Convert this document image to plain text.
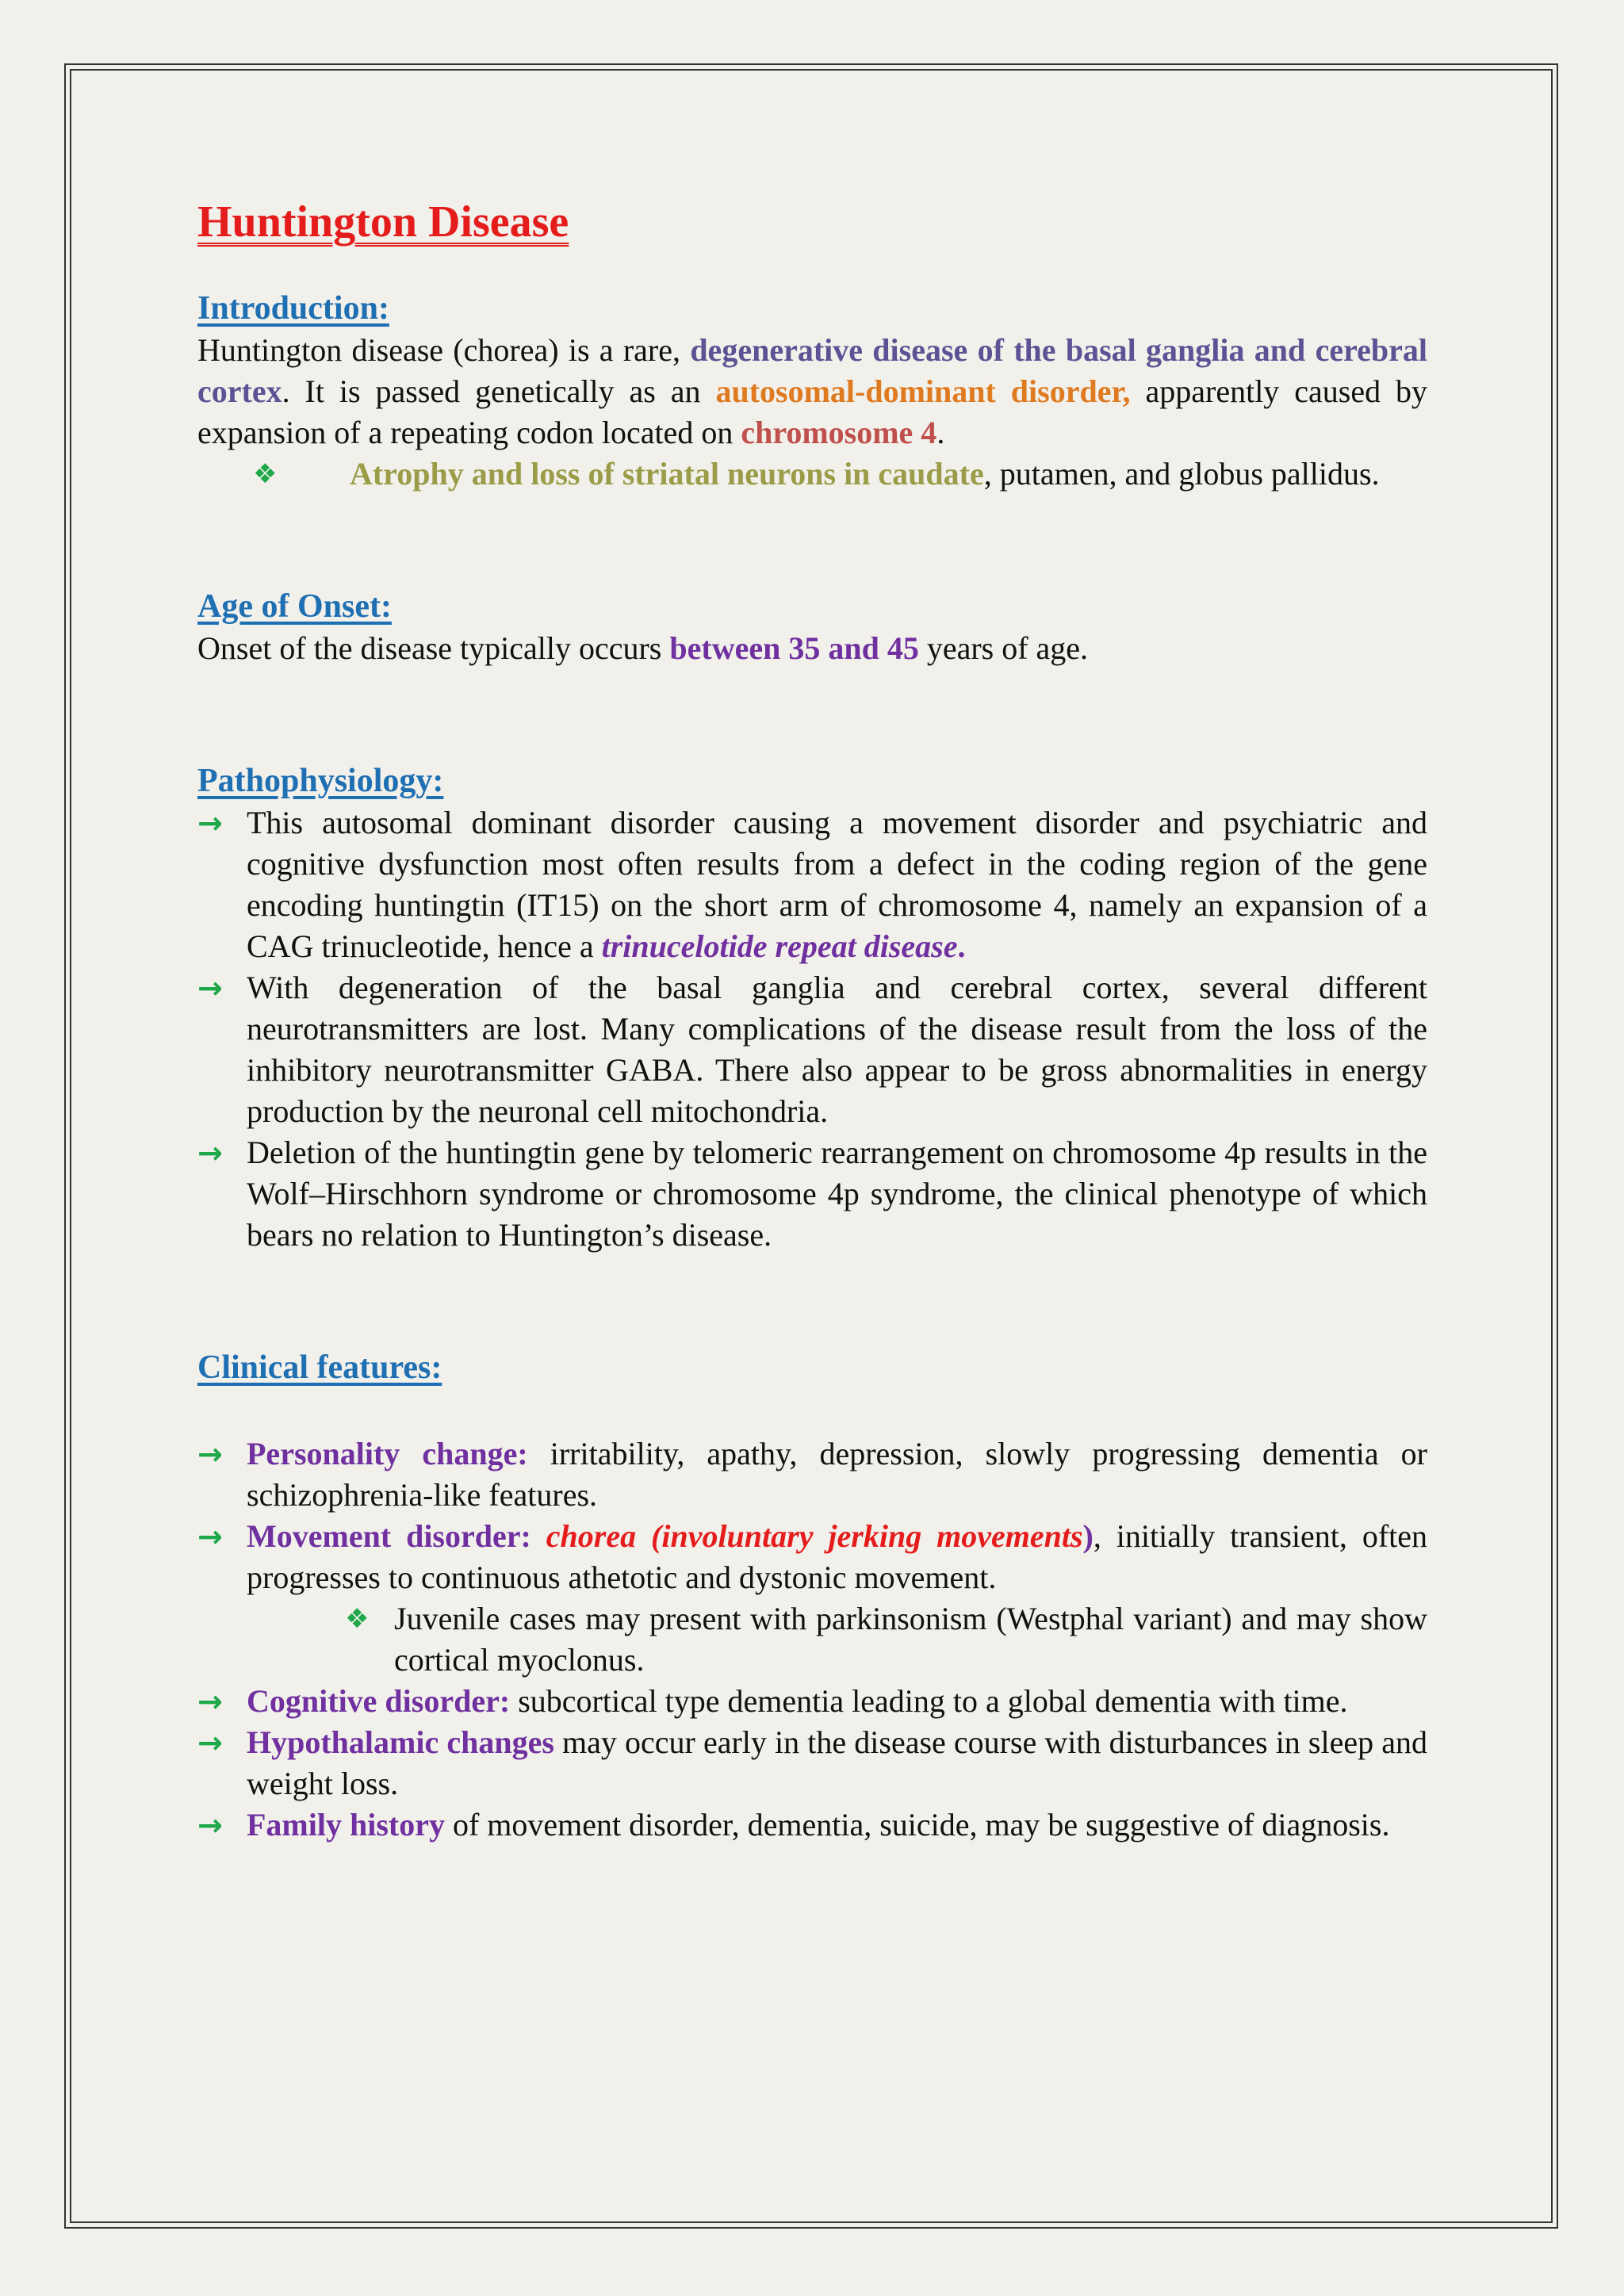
Huntington Disease
Introduction:

Huntington disease (chorea) is a rare, degenerative disease of the basal ganglia and cerebral cortex. It is passed genetically as an autosomal-dominant disorder, apparently caused by expansion of a repeating codon located on chromosome 4.

❖ Atrophy and loss of striatal neurons in caudate, putamen, and globus pallidus.
Age of Onset:

Onset of the disease typically occurs between 35 and 45 years of age.

Pathophysiology:
→ This autosomal dominant disorder causing a movement disorder and psychiatric and cognitive dysfunction most often results from a defect in the coding region of the gene encoding huntingtin (IT15) on the short arm of chromosome 4, namely an expansion of a CAG trinucleotide, hence a trinucelotide repeat disease.
→ With degeneration of the basal ganglia and cerebral cortex, several different neurotransmitters are lost. Many complications of the disease result from the loss of the inhibitory neurotransmitter GABA. There also appear to be gross abnormalities in energy production by the neuronal cell mitochondria.
→ Deletion of the huntingtin gene by telomeric rearrangement on chromosome 4p results in the Wolf–Hirschhorn syndrome or chromosome 4p syndrome, the clinical phenotype of which bears no relation to Huntington’s disease.
Clinical features:
→ Personality change: irritability, apathy, depression, slowly progressing dementia or schizophrenia-like features.
→ Movement disorder: chorea (involuntary jerking movements), initially transient, often progresses to continuous athetotic and dystonic movement.
❖ Juvenile cases may present with parkinsonism (Westphal variant) and may show cortical myoclonus.
→ Cognitive disorder: subcortical type dementia leading to a global dementia with time.
→ Hypothalamic changes may occur early in the disease course with disturbances in sleep and weight loss.
→ Family history of movement disorder, dementia, suicide, may be suggestive of diagnosis.
